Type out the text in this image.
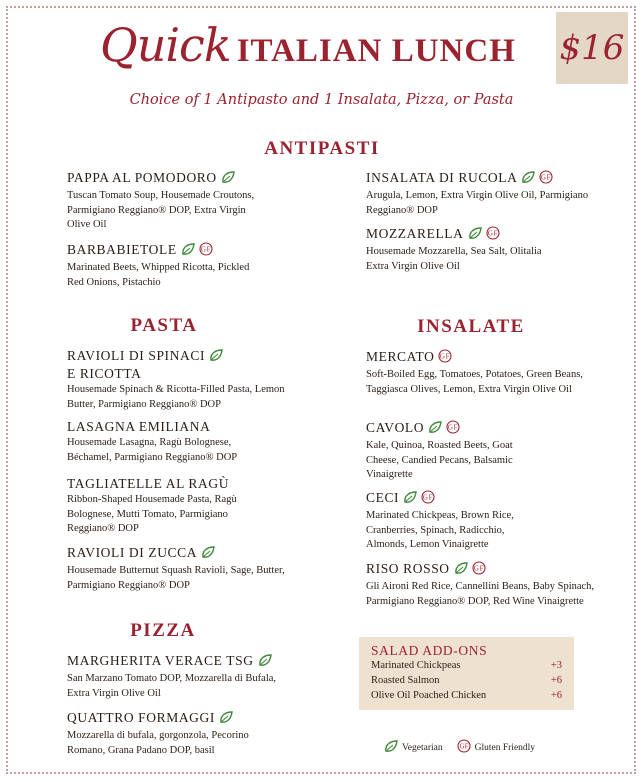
Quick ITALIAN LUNCH $16
Choice of 1 Antipasto and 1 Insalata, Pizza, or Pasta
ANTIPASTI
PASTA	INSALATE
PIZZA
PAPPA AL POMODORO
Tuscan Tomato Soup, Housemade Croutons, Parmigiano Reggiano® DOP, Extra Virgin Olive Oil
BARBABIETOLE	GF
Marinated Beets, Whipped Ricotta, Pickled Red Onions, Pistachio
INSALATA DI RUCOLA	GF
Arugula, Lemon, Extra Virgin Olive Oil, Parmigiano Reggiano® DOP
MOZZARELLA	GF
Housemade Mozzarella, Sea Salt, Olitalia Extra Virgin Olive Oil
RAVIOLI DI SPINACI
E RICOTTA
Housemade Spinach & Ricotta-Filled Pasta, Lemon Butter, Parmigiano Reggiano® DOP
LASAGNA EMILIANA
Housemade Lasagna, Ragù Bolognese, Béchamel, Parmigiano Reggiano® DOP
TAGLIATELLE AL RAGÙ
Ribbon-Shaped Housemade Pasta, Ragù Bolognese, Mutti Tomato, Parmigiano Reggiano® DOP
RAVIOLI DI ZUCCA
Housemade Butternut Squash Ravioli, Sage, Butter, Parmigiano Reggiano® DOP
MARGHERITA VERACE TSG
San Marzano Tomato DOP, Mozzarella di Bufala, Extra Virgin Olive Oil
QUATTRO FORMAGGI
Mozzarella di bufala, gorgonzola, Pecorino Romano, Grana Padano DOP, basil
MERCATO GF
Soft-Boiled Egg, Tomatoes, Potatoes, Green Beans, Taggiasca Olives, Lemon, Extra Virgin Olive Oil
CAVOLO	GF
Kale, Quinoa, Roasted Beets, Goat Cheese, Candied Pecans, Balsamic Vinaigrette
CECI	GF
Marinated Chickpeas, Brown Rice, Cranberries, Spinach, Radicchio, Almonds, Lemon Vinaigrette
RISO ROSSO	GF
Gli Aironi Red Rice, Cannellini Beans, Baby Spinach, Parmigiano Reggiano® DOP, Red Wine Vinaigrette
SALAD ADD-ONS
Marinated Chickpeas	+3
Roasted Salmon	+6
Olive Oil Poached Chicken	+6
Vegetarian GF Gluten Friendly
